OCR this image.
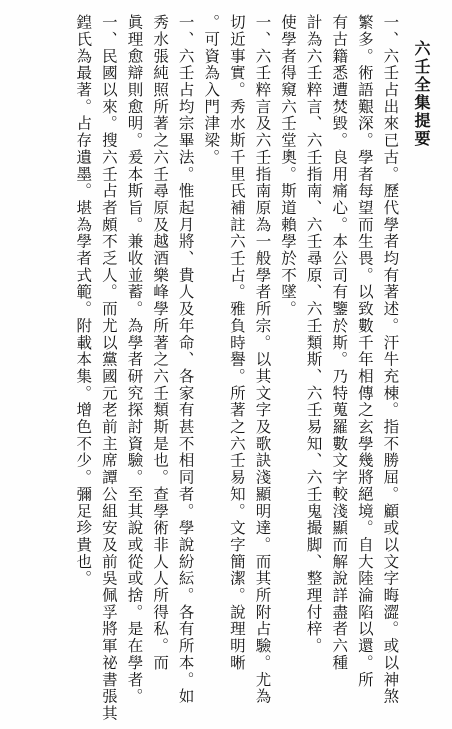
六壬全集提要
一、六壬占出來已古。歷代學者均有著述。汗牛充棟。指不勝屈。顧或以文字晦澀。或以神煞
繁多。術語艱深。學者每望而生畏。以致數千年相傳之玄學幾將絕境。自大陸淪陷以還。所
有古籍悉遭焚毀。良用痛心。本公司有鑒於斯。乃特蒐羅數文字較淺顯而解說詳盡者六種
計為六壬粹言、六壬指南、六壬尋原、六壬類斯、六壬易知、六壬鬼撮脚、整理付梓。
使學者得窺六壬堂奧。斯道賴學於不墜。
一、六壬粹言及六壬指南原為一般學者所宗。以其文字及歌訣淺顯明達。而其所附占驗。尤為
切近事實。秀水斯千里氏補註六壬占。雅負時譽。所著之六壬易知。文字簡潔。說理明晰
。可資為入門津梁。
一、六壬占均宗畢法。惟起月將、貴人及年命、各家有甚不相同者。學說紛紜。各有所本。如
秀水張純照所著之六壬尋原及越酒樂峰學所著之六壬類斯是也。查學術非人人所得私。而
眞理愈辯則愈明。爰本斯旨。兼收並蓄。為學者研究探討資驗。至其說或從或捨。是在學者。
一、民國以來。搜六壬占者頗不乏人。而尤以黨國元老前主席譚公組安及前吳佩孚將軍祕書張其
鍠氏為最著。占存遺墨。堪為學者式範。附載本集。增色不少。彌足珍貴也。
